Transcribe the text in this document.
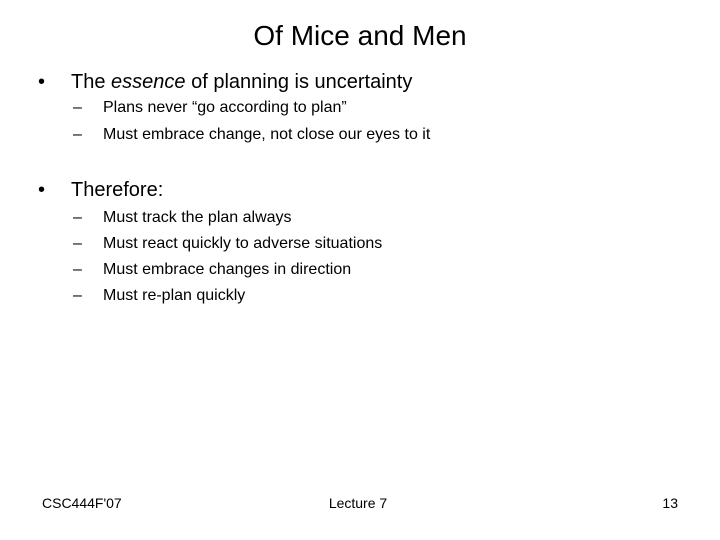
Of Mice and Men
• The essence of planning is uncertainty
– Plans never “go according to plan”
– Must embrace change, not close our eyes to it
• Therefore:
– Must track the plan always
– Must react quickly to adverse situations
– Must embrace changes in direction
– Must re-plan quickly
CSC444F'07	Lecture 7	13
